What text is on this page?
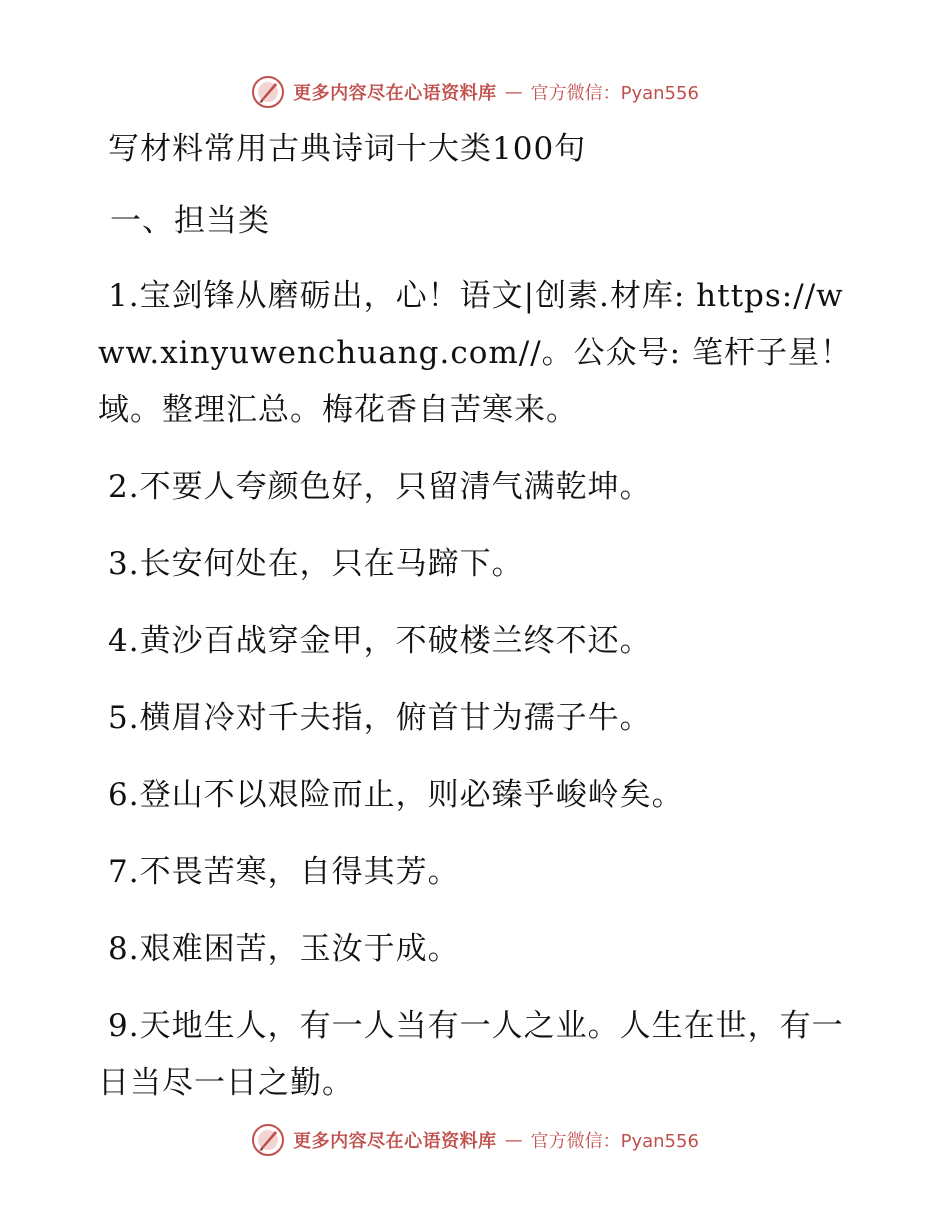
更多内容尽在心语资料库 — 官方微信：Pyan556
写材料常用古典诗词十大类100句
一、担当类
1.宝剑锋从磨砺出，心！语文|创素.材库: https://www.xinyuwenchuang.com//。公众号: 笔杆子星！域。整理汇总。梅花香自苦寒来。
2.不要人夸颜色好，只留清气满乾坤。
3.长安何处在，只在马蹄下。
4.黄沙百战穿金甲，不破楼兰终不还。
5.横眉冷对千夫指，俯首甘为孺子牛。
6.登山不以艰险而止，则必臻乎峻岭矣。
7.不畏苦寒，自得其芳。
8.艰难困苦，玉汝于成。
9.天地生人，有一人当有一人之业。人生在世，有一日当尽一日之勤。
更多内容尽在心语资料库 — 官方微信：Pyan556
